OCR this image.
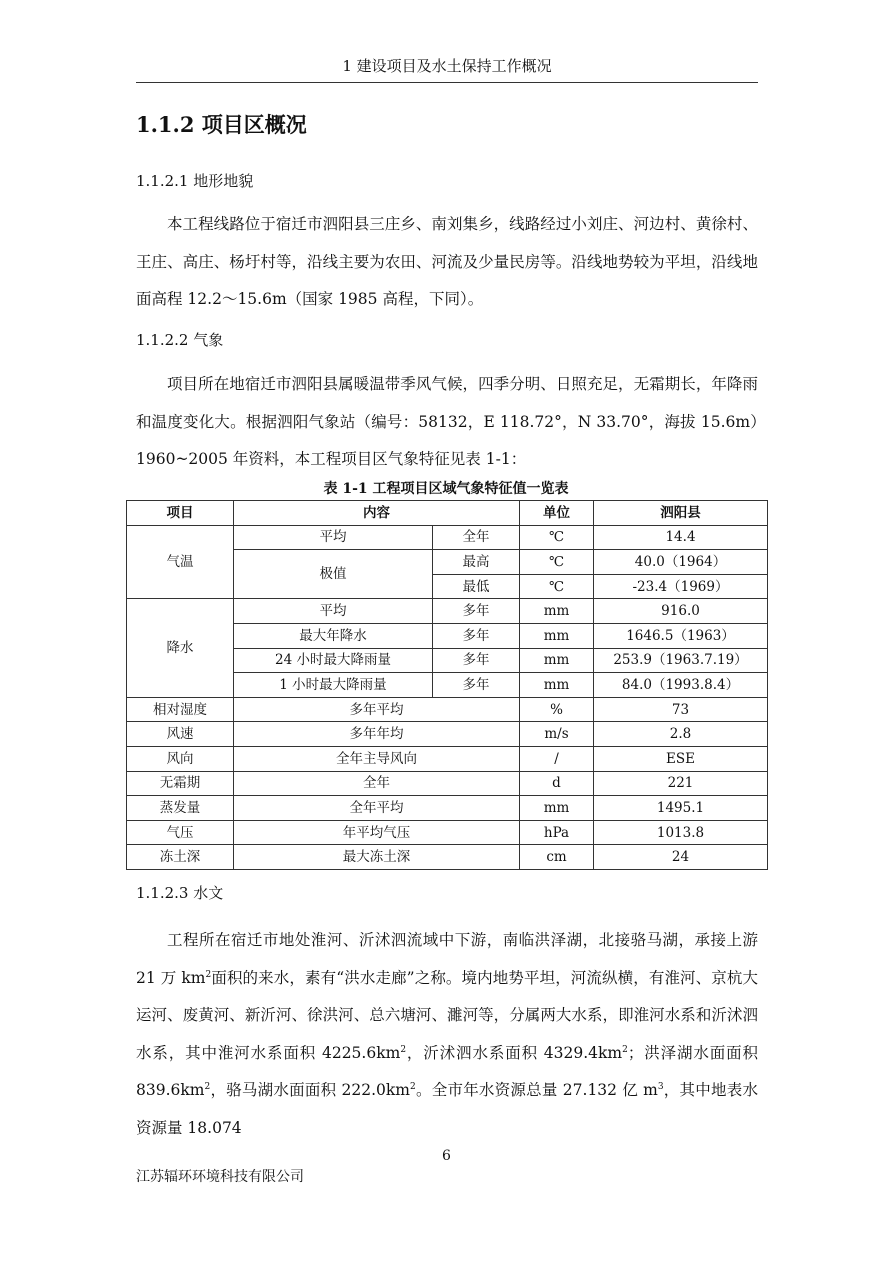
1 建设项目及水土保持工作概况
1.1.2 项目区概况
1.1.2.1 地形地貌

本工程线路位于宿迁市泗阳县三庄乡、南刘集乡，线路经过小刘庄、河边村、黄徐村、王庄、高庄、杨圩村等，沿线主要为农田、河流及少量民房等。沿线地势较为平坦，沿线地面高程 12.2～15.6m（国家 1985 高程，下同）。

1.1.2.2 气象

项目所在地宿迁市泗阳县属暖温带季风气候，四季分明、日照充足，无霜期长，年降雨和温度变化大。根据泗阳气象站（编号：58132，E 118.72°，N 33.70°，海拔 15.6m）1960~2005 年资料，本工程项目区气象特征见表 1-1：

表 1-1 工程项目区域气象特征值一览表
项目	内容		单位	泗阳县
气温	平均	全年	℃	14.4
	极值	最高	℃	40.0（1964）
		最低	℃	-23.4（1969）
降水	平均	多年	mm	916.0
	最大年降水	多年	mm	1646.5（1963）
	24 小时最大降雨量	多年	mm	253.9（1963.7.19）
	1 小时最大降雨量	多年	mm	84.0（1993.8.4）
相对湿度	多年平均		%	73
风速	多年年均		m/s	2.8
风向	全年主导风向		/	ESE
无霜期	全年		d	221
蒸发量	全年平均		mm	1495.1
气压	年平均气压		hPa	1013.8
冻土深	最大冻土深		cm	24
1.1.2.3 水文

工程所在宿迁市地处淮河、沂沭泗流域中下游，南临洪泽湖，北接骆马湖，承接上游 21 万 $km^2$面积的来水，素有“洪水走廊”之称。境内地势平坦，河流纵横，有淮河、京杭大运河、废黄河、新沂河、徐洪河、总六塘河、濉河等，分属两大水系，即淮河水系和沂沭泗水系，其中淮河水系面积 $4225.6km^2$，沂沭泗水系面积 $4329.4km^2$；洪泽湖水面面积 $839.6km^2$，骆马湖水面面积 $222.0km^2$。全市年水资源总量 27.132 亿 $m^3$，其中地表水资源量 18.074

6
江苏辐环环境科技有限公司
